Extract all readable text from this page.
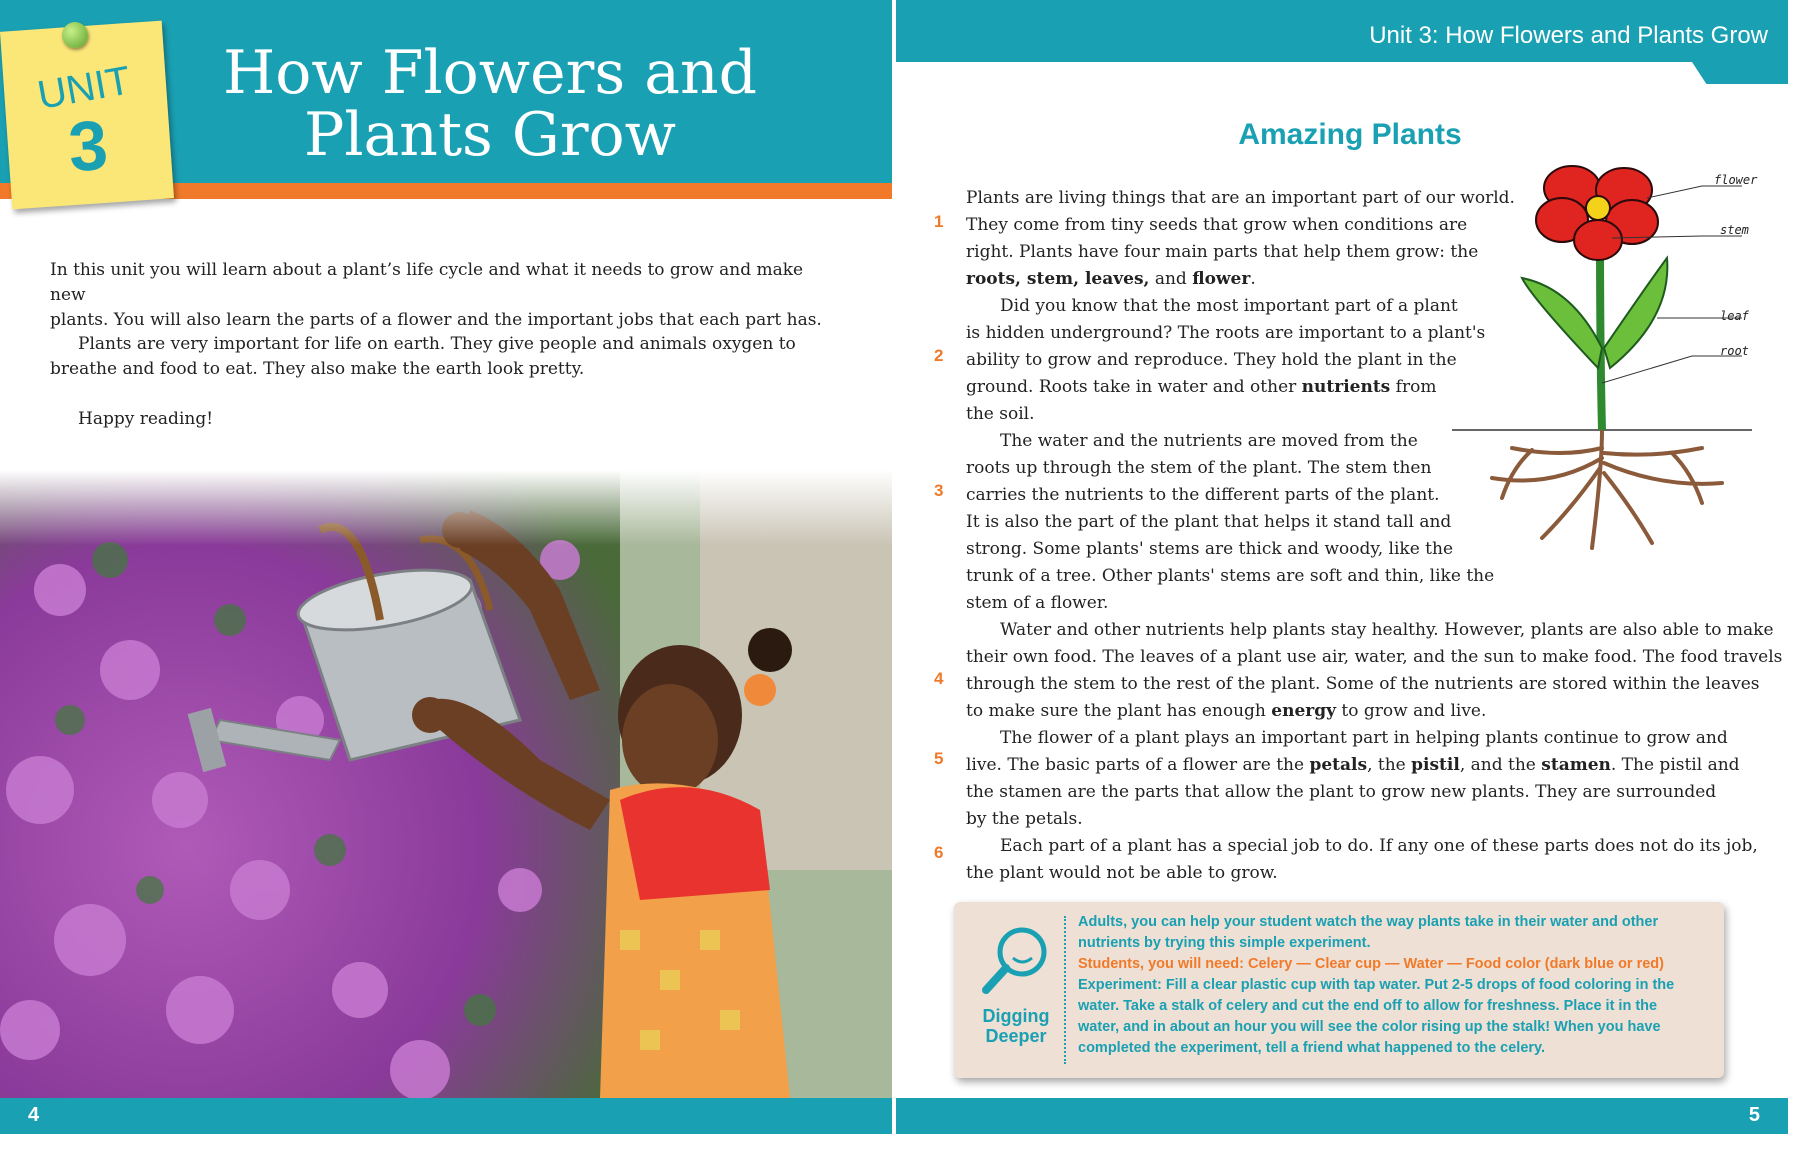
UNIT
3
How Flowers and
Plants Grow

In this unit you will learn about a plant’s life cycle and what it needs to grow and make new
plants. You will also learn the parts of a flower and the important jobs that each part has.

Plants are very important for life on earth. They give people and animals oxygen to
breathe and food to eat. They also make the earth look pretty.

Happy reading!

4
Unit 3: How Flowers and Plants Grow
Amazing Plants
1
2
3
4
5
6

Plants are living things that are an important part of our world.

They come from tiny seeds that grow when conditions are

right. Plants have four main parts that help them grow: the

roots, stem, leaves, and flower.

Did you know that the most important part of a plant

is hidden underground? The roots are important to a plant's

ability to grow and reproduce. They hold the plant in the

ground. Roots take in water and other nutrients from

the soil.

The water and the nutrients are moved from the

roots up through the stem of the plant. The stem then

carries the nutrients to the different parts of the plant.

It is also the part of the plant that helps it stand tall and

strong. Some plants' stems are thick and woody, like the

trunk of a tree. Other plants' stems are soft and thin, like the

stem of a flower.

Water and other nutrients help plants stay healthy. However, plants are also able to make

their own food. The leaves of a plant use air, water, and the sun to make food. The food travels

through the stem to the rest of the plant. Some of the nutrients are stored within the leaves

to make sure the plant has enough energy to grow and live.

The flower of a plant plays an important part in helping plants continue to grow and

live. The basic parts of a flower are the petals, the pistil, and the stamen. The pistil and

the stamen are the parts that allow the plant to grow new plants. They are surrounded

by the petals.

Each part of a plant has a special job to do. If any one of these parts does not do its job,

the plant would not be able to grow.

flower
stem
leaf
root
Digging
Deeper

Adults, you can help your student watch the way plants take in their water and other

nutrients by trying this simple experiment.

Students, you will need: Celery — Clear cup — Water — Food color (dark blue or red)

Experiment: Fill a clear plastic cup with tap water. Put 2-5 drops of food coloring in the

water. Take a stalk of celery and cut the end off to allow for freshness. Place it in the

water, and in about an hour you will see the color rising up the stalk! When you have

completed the experiment, tell a friend what happened to the celery.

5
